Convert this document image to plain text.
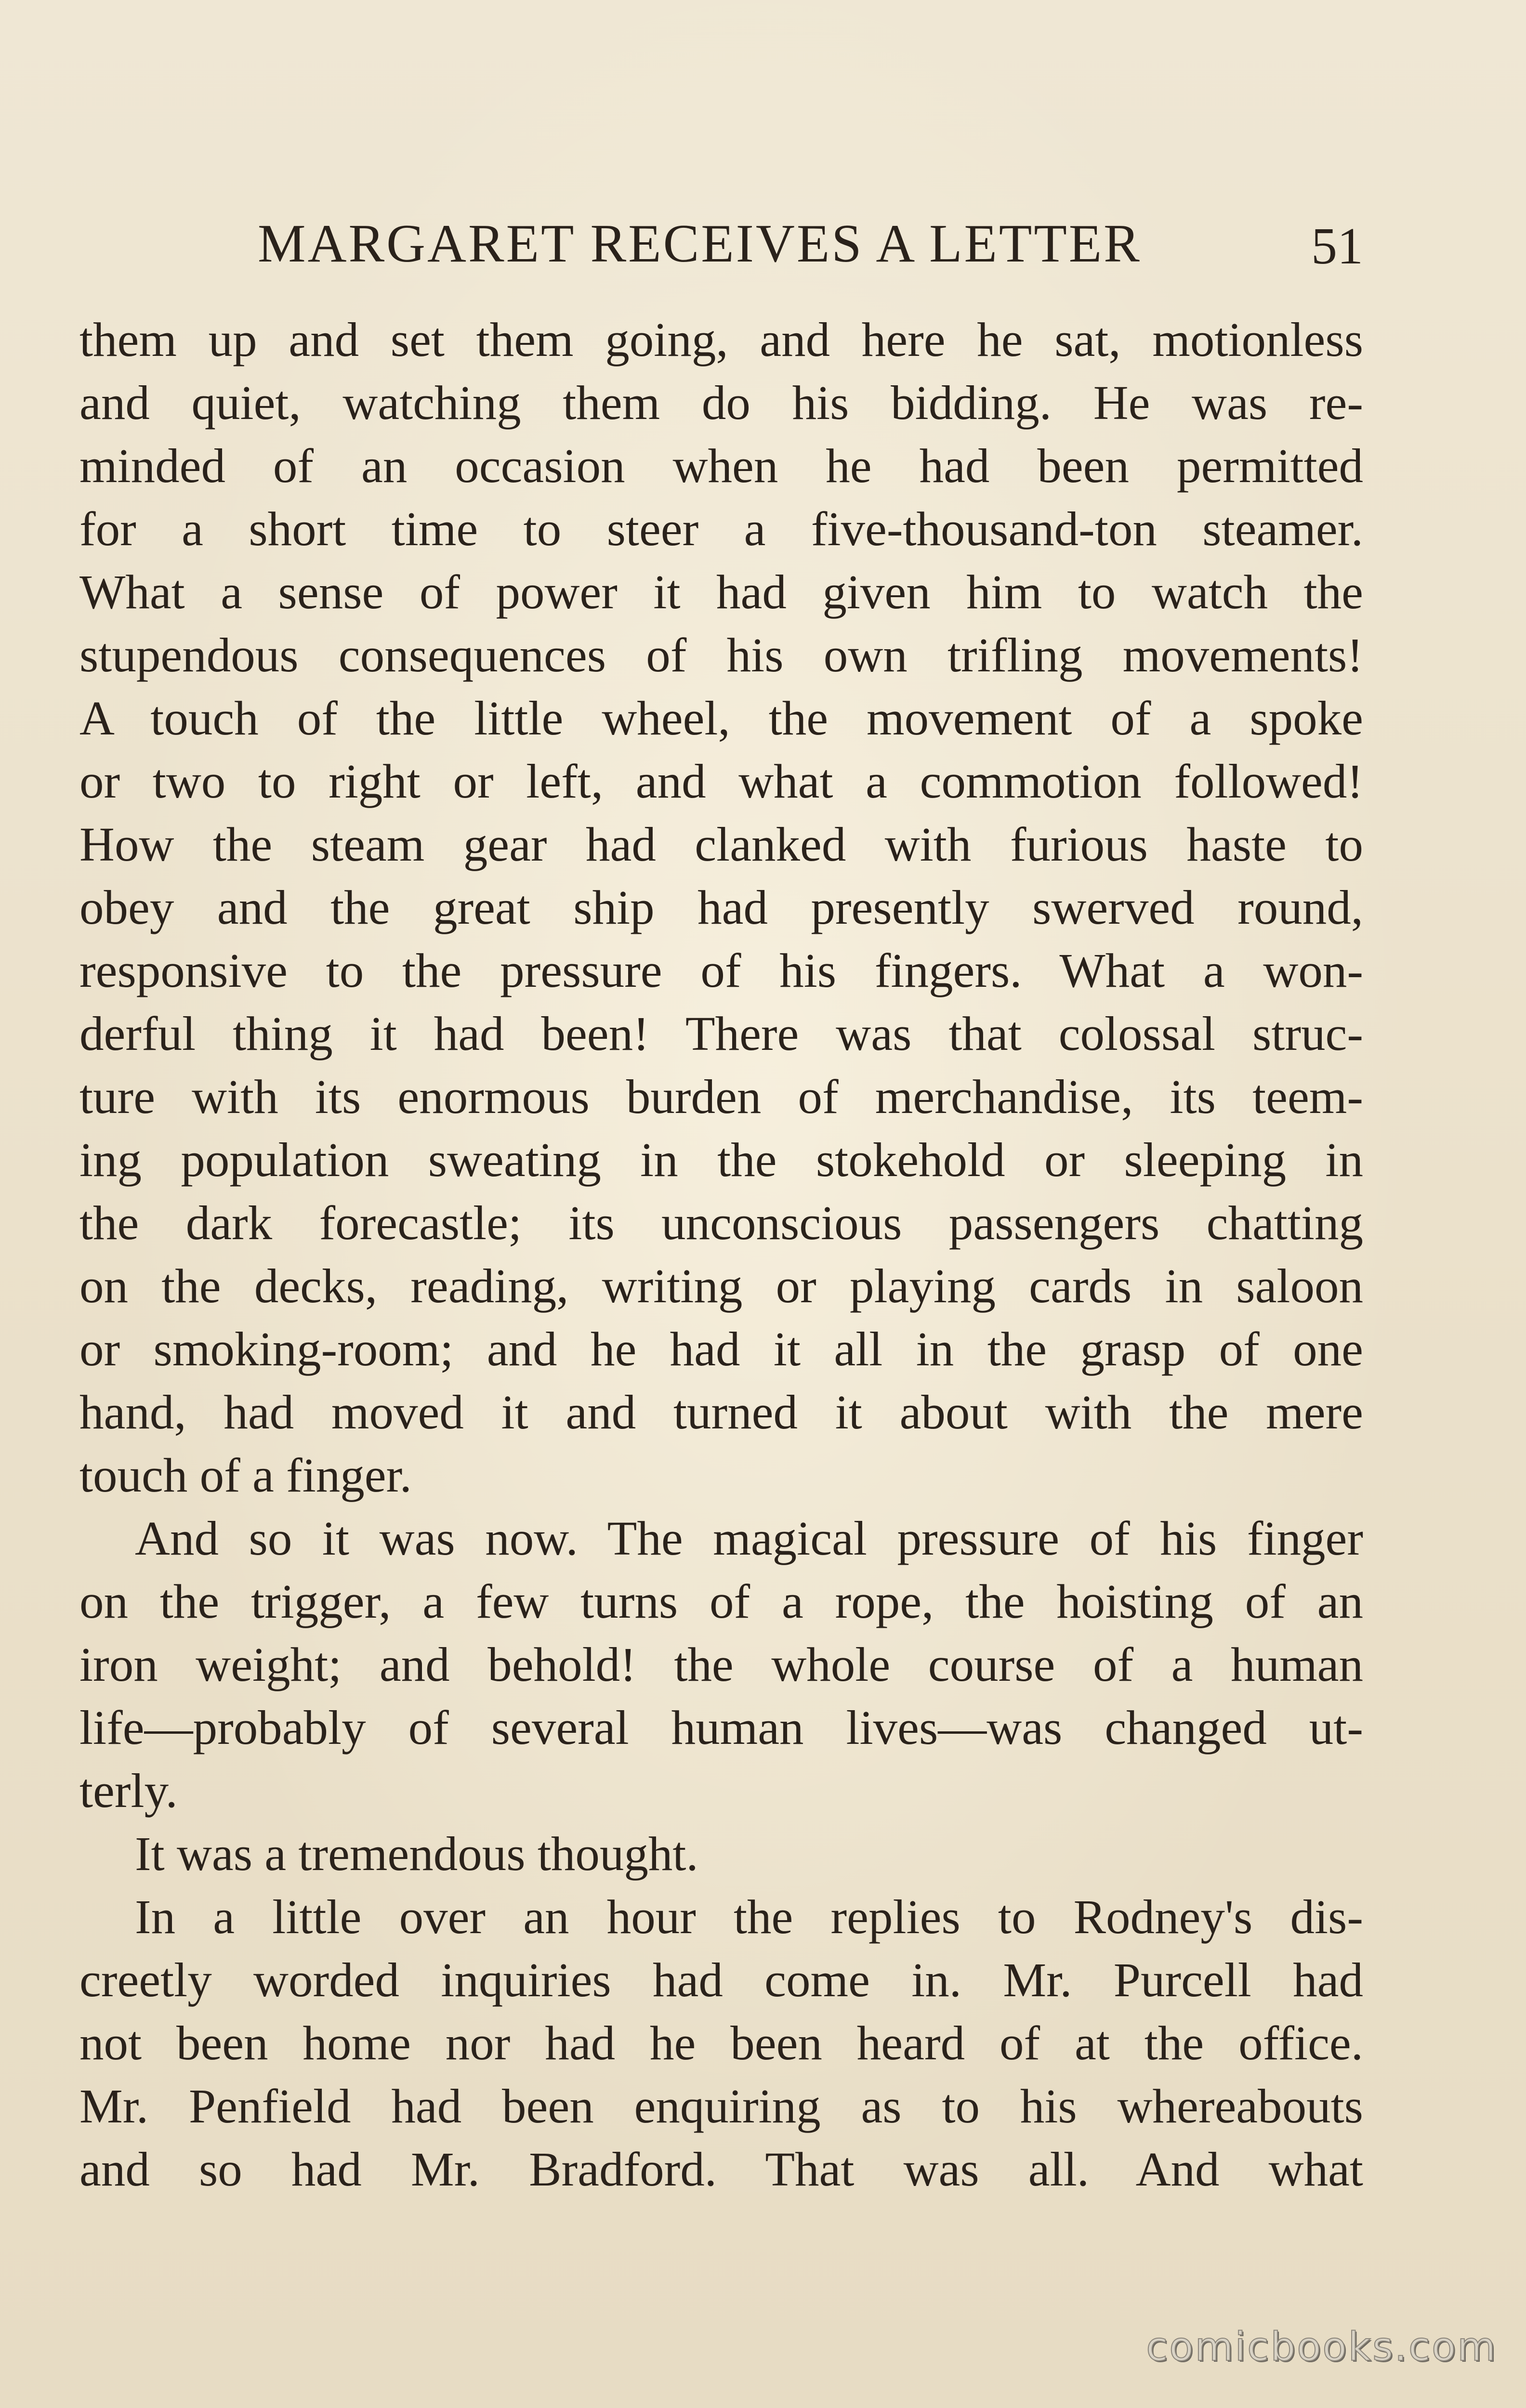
MARGARET RECEIVES A LETTER	51
them up and set them going, and here he sat, motionless
and quiet, watching them do his bidding. He was re-
minded of an occasion when he had been permitted
for a short time to steer a five-thousand-ton steamer.
What a sense of power it had given him to watch the
stupendous consequences of his own trifling movements!
A touch of the little wheel, the movement of a spoke
or two to right or left, and what a commotion followed!
How the steam gear had clanked with furious haste to
obey and the great ship had presently swerved round,
responsive to the pressure of his fingers. What a won-
derful thing it had been! There was that colossal struc-
ture with its enormous burden of merchandise, its teem-
ing population sweating in the stokehold or sleeping in
the dark forecastle; its unconscious passengers chatting
on the decks, reading, writing or playing cards in saloon
or smoking-room; and he had it all in the grasp of one
hand, had moved it and turned it about with the mere
touch of a finger.
And so it was now. The magical pressure of his finger
on the trigger, a few turns of a rope, the hoisting of an
iron weight; and behold! the whole course of a human
life—probably of several human lives—was changed ut-
terly.
It was a tremendous thought.
In a little over an hour the replies to Rodney's dis-
creetly worded inquiries had come in. Mr. Purcell had
not been home nor had he been heard of at the office.
Mr. Penfield had been enquiring as to his whereabouts
and so had Mr. Bradford. That was all. And what
comicbooks.com
